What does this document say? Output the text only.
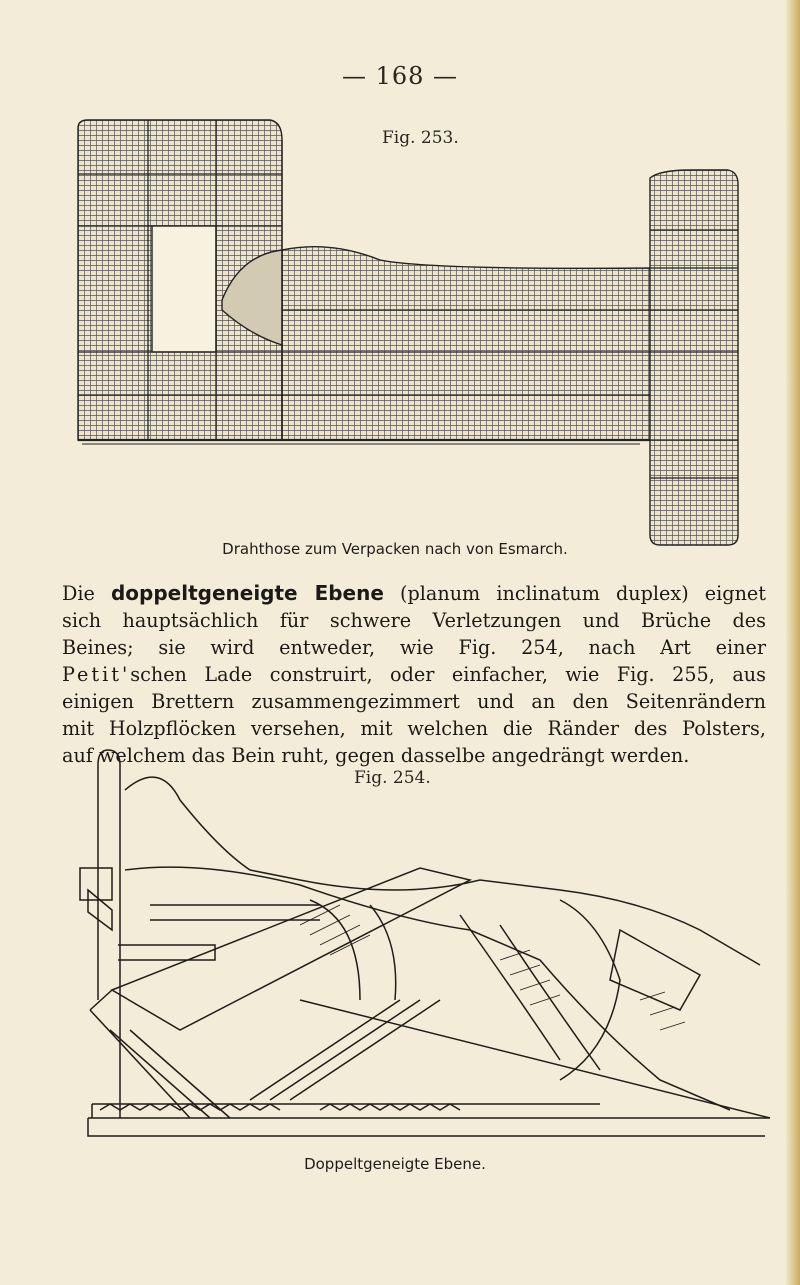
— 168 —
Fig. 253.
Drahthose zum Verpacken nach von Esmarch.
Die doppeltgeneigte Ebene (planum inclinatum duplex) eignet
sich hauptsächlich für schwere Verletzungen und Brüche des
Beines; sie wird entweder, wie Fig. 254, nach Art einer
Petit'schen Lade construirt, oder einfacher, wie Fig. 255, aus
einigen Brettern zusammengezimmert und an den Seitenrändern
mit Holzpflöcken versehen, mit welchen die Ränder des Polsters,
auf welchem das Bein ruht, gegen dasselbe angedrängt werden.
Fig. 254.
Doppeltgeneigte Ebene.
